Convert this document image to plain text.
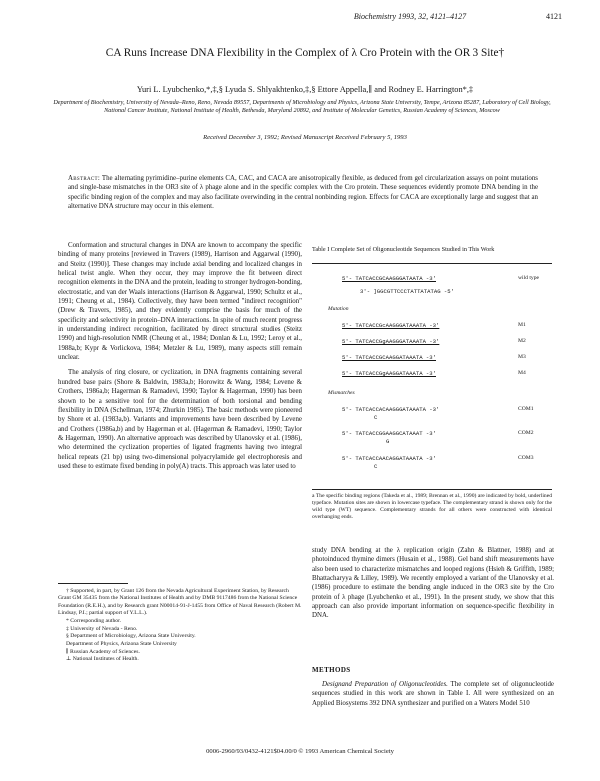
Biochemistry 1993, 32, 4121–4127	4121
CA Runs Increase DNA Flexibility in the Complex of λ Cro Protein with the OR 3 Site†
Yuri L. Lyubchenko,*,‡,§ Lyuda S. Shlyakhtenko,‡,§ Ettore Appella,∥ and Rodney E. Harrington*,‡
Department of Biochemistry, University of Nevada–Reno, Reno, Nevada 89557, Departments of Microbiology and Physics, Arizona State University, Tempe, Arizona 85287, Laboratory of Cell Biology, National Cancer Institute, National Institute of Health, Bethesda, Maryland 20892, and Institute of Molecular Genetics, Russian Academy of Sciences, Moscow
Received December 3, 1992; Revised Manuscript Received February 5, 1993
Abstract: The alternating pyrimidine–purine elements CA, CAC, and CACA are anisotropically flexible, as deduced from gel circularization assays on point mutations and single-base mismatches in the OR3 site of λ phage alone and in the specific complex with the Cro protein. These sequences evidently promote DNA bending in the specific binding region of the complex and may also facilitate overwinding in the central nonbinding region. Effects for CACA are exceptionally large and suggest that an alternative DNA structure may occur in this element.

Conformation and structural changes in DNA are known to accompany the specific binding of many proteins [reviewed in Travers (1989), Harrison and Aggarwal (1990), and Steitz (1990)]. These changes may include axial bending and localized changes in helical twist angle. When they occur, they may improve the fit between direct recognition elements in the DNA and the protein, leading to stronger hydrogen-bonding, electrostatic, and van der Waals interactions (Harrison & Aggarwal, 1990; Schultz et al., 1991; Cheung et al., 1984). Collectively, they have been termed "indirect recognition" (Drew & Travers, 1985), and they evidently comprise the basis for much of the specificity and selectivity in protein–DNA interactions. In spite of much recent progress in understanding indirect recognition, facilitated by direct structural studies (Steitz 1990) and high-resolution NMR (Cheung et al., 1984; Donlan & Lu, 1992; Leroy et al., 1988a,b; Kypr & Vorlickova, 1984; Metzler & Lu, 1989), many aspects still remain unclear.

The analysis of ring closure, or cyclization, in DNA fragments containing several hundred base pairs (Shore & Baldwin, 1983a,b; Horowitz & Wang, 1984; Levene & Crothers, 1986a,b; Hagerman & Ramadevi, 1990; Taylor & Hagerman, 1990) has been shown to be a sensitive tool for the determination of both torsional and bending flexibility in DNA (Schellman, 1974; Zhurkin 1985). The basic methods were pioneered by Shore et al. (1983a,b). Variants and improvements have been described by Levene and Crothers (1986a,b) and by Hagerman et al. (Hagerman & Ramadevi, 1990; Taylor & Hagerman, 1990). An alternative approach was described by Ulanovsky et al. (1986), who determined the cyclization properties of ligated fragments having two integral helical repeats (21 bp) using two-dimensional polyacrylamide gel electrophoresis and used these to estimate fixed bending in poly(A) tracts. This approach was later used to

† Supported, in part, by Grant 126 from the Nevada Agricultural Experiment Station, by Research Grant GM 35435 from the National Institutes of Health and by DMB 9117486 from the National Science Foundation (R.E.H.), and by Research grant N00014-91-J-1455 from Office of Naval Research (Robert M. Lindsay, P.I.; partial support of Y.L.L.).
* Corresponding author.
‡ University of Nevada - Reno.
§ Department of Microbiology, Arizona State University.
Department of Physics, Arizona State University
∥ Russian Academy of Sciences.
⊥ National Institutes of Health.
Table I Complete Set of Oligonucleotide Sequences Studied in This Work
5'- TATCACCGCAAGGGATAATA -3'	wild type
3'- ]GGCGTTCCCTATTATATAG -5'
Mutation
5'- TATCACCGcAAGGGATAAATA -3'	M1
5'- TATCACCGgAAGGGATAAATA -3'	M2
5'- TATCACCGCAAGGATAAATA -3'	M3
5'- TATCACCGgAAGGATAAATA -3'	M4
Mismatches
5'- TATCACCACAAGGGATAAATA -3'	COM1
C
5'- TATCACCGGAAGGCATAAAT -3'	COM2
G
5'- TATCACCAACAGGATAAATA -3'	COM3
C
a The specific binding regions (Takeda et al., 1989; Brennan et al., 1990) are indicated by bold, underlined typeface. Mutation sites are shown in lowercase typeface. The complementary strand is shown only for the wild type (WT) sequence. Complementary strands for all others were constructed with identical overhanging ends.

study DNA bending at the λ replication origin (Zahn & Blattner, 1988) and at photoinduced thymine dimers (Husain et al., 1988). Gel band shift measurements have also been used to characterize mismatches and looped regions (Hsieh & Griffith, 1989; Bhattacharyya & Lilley, 1989). We recently employed a variant of the Ulanovsky et al. (1986) procedure to estimate the bending angle induced in the OR3 site by the Cro protein of λ phage (Lyubchenko et al., 1991). In the present study, we show that this approach can also provide important information on sequence-specific flexibility in DNA.

METHODS
Designand Preparation of Oligonucleotides. The complete set of oligonucleotide sequences studied in this work are shown in Table I. All were synthesized on an Applied Biosystems 392 DNA synthesizer and purified on a Waters Model 510
0006-2960/93/0432-4121$04.00/0 © 1993 American Chemical Society
